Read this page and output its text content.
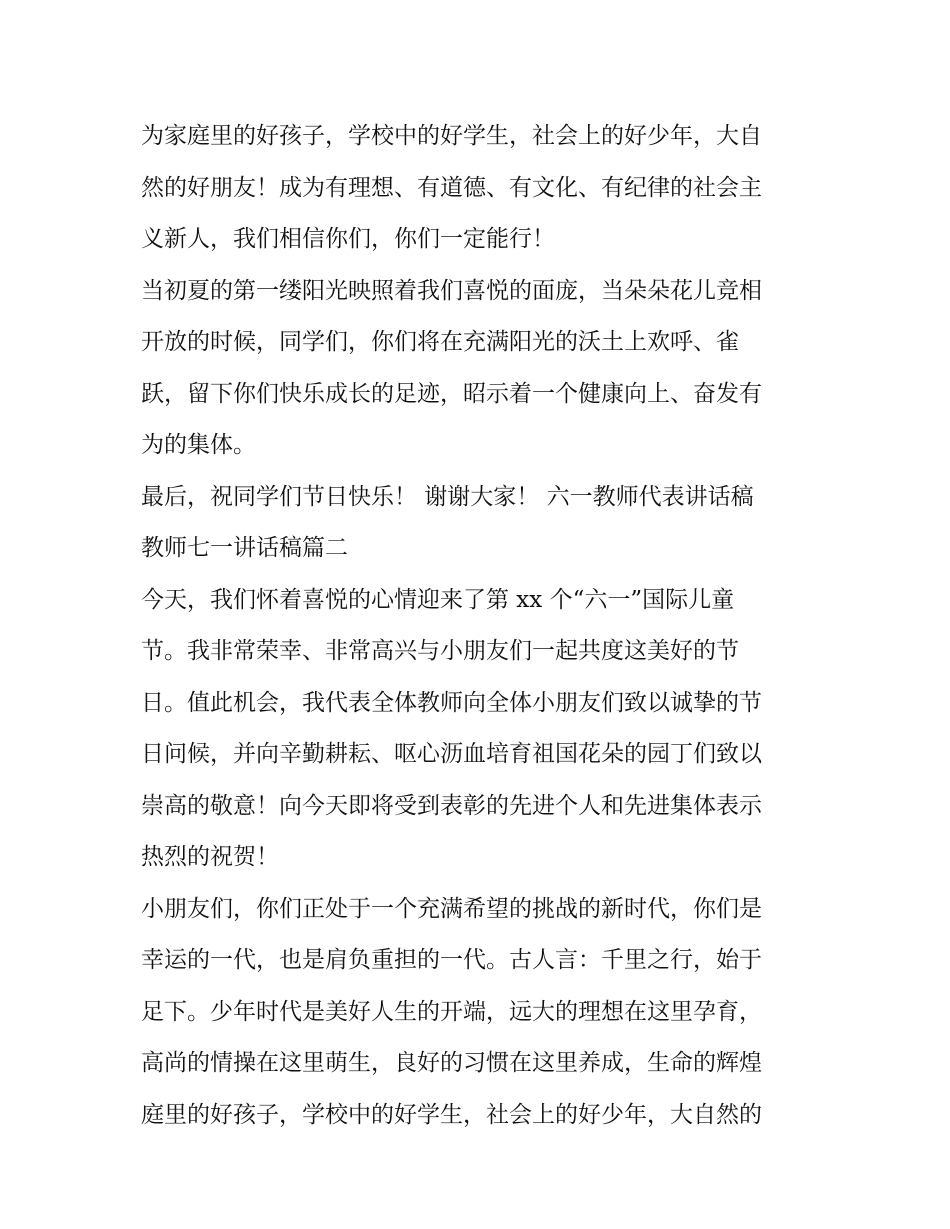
为家庭里的好孩子，学校中的好学生，社会上的好少年，大自
然的好朋友！成为有理想、有道德、有文化、有纪律的社会主
义新人，我们相信你们，你们一定能行！
当初夏的第一缕阳光映照着我们喜悦的面庞，当朵朵花儿竞相
开放的时候，同学们，你们将在充满阳光的沃土上欢呼、雀
跃，留下你们快乐成长的足迹，昭示着一个健康向上、奋发有
为的集体。
最后，祝同学们节日快乐！ 谢谢大家！ 六一教师代表讲话稿
教师七一讲话稿篇二
今天，我们怀着喜悦的心情迎来了第 xx 个“六一”国际儿童
节。我非常荣幸、非常高兴与小朋友们一起共度这美好的节
日。值此机会，我代表全体教师向全体小朋友们致以诚挚的节
日问候，并向辛勤耕耘、呕心沥血培育祖国花朵的园丁们致以
崇高的敬意！向今天即将受到表彰的先进个人和先进集体表示
热烈的祝贺！
小朋友们，你们正处于一个充满希望的挑战的新时代，你们是
幸运的一代，也是肩负重担的一代。古人言：千里之行，始于
足下。少年时代是美好人生的开端，远大的理想在这里孕育，
高尚的情操在这里萌生，良好的习惯在这里养成，生命的辉煌
庭里的好孩子，学校中的好学生，社会上的好少年，大自然的
